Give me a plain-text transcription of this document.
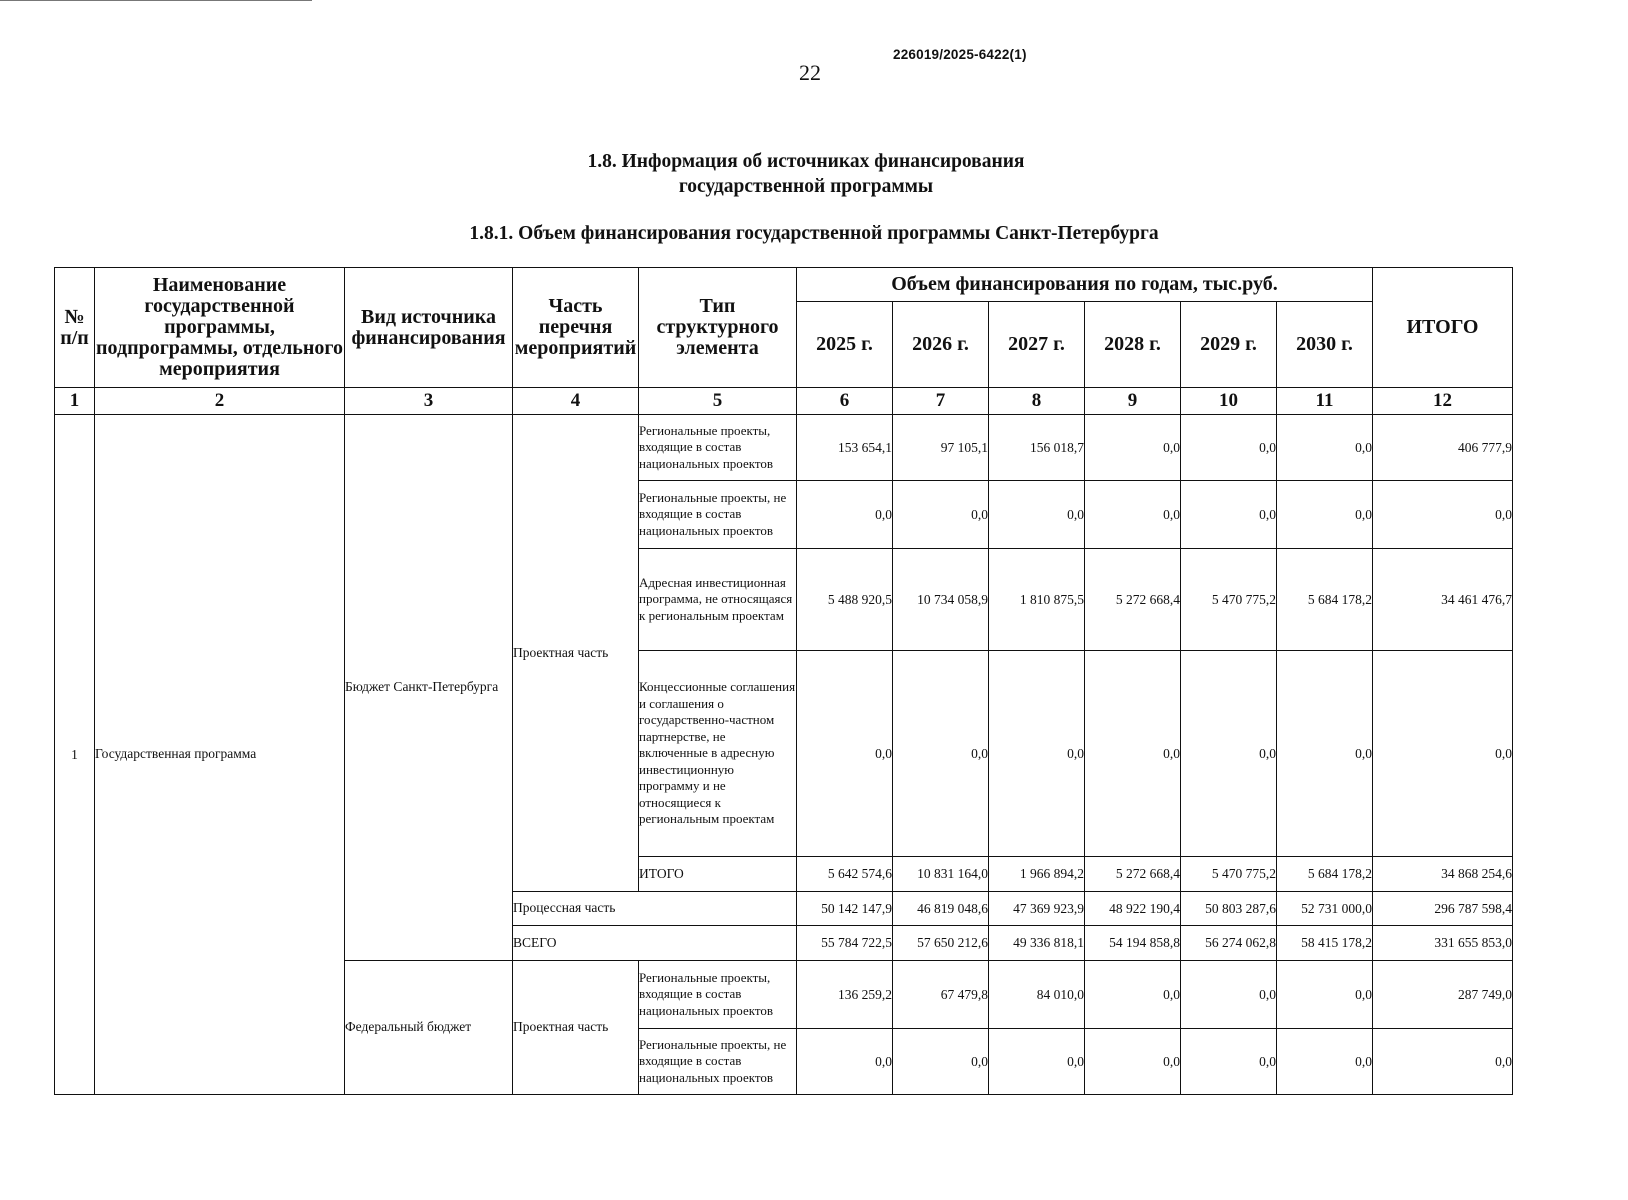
22
226019/2025-6422(1)
1.8. Информация об источниках финансирования
государственной программы
1.8.1. Объем финансирования государственной программы Санкт-Петербурга
№ п/п	Наименование государственной программы, подпрограммы, отдельного мероприятия	Вид источника финансирования	Часть перечня мероприятий	Тип структурного элемента	Объем финансирования по годам, тыс.руб.						ИТОГО
					2025 г.	2026 г.	2027 г.	2028 г.	2029 г.	2030 г.	
1	2	3	4	5	6	7	8	9	10	11	12
1	Государственная программа	Бюджет Санкт-Петербурга	Проектная часть	Региональные проекты, входящие в состав национальных проектов	153 654,1	97 105,1	156 018,7	0,0	0,0	0,0	406 777,9
				Региональные проекты, не входящие в состав национальных проектов	0,0	0,0	0,0	0,0	0,0	0,0	0,0
				Адресная инвестиционная программа, не относящаяся к региональным проектам	5 488 920,5	10 734 058,9	1 810 875,5	5 272 668,4	5 470 775,2	5 684 178,2	34 461 476,7
				Концессионные соглашения и соглашения о государственно-частном партнерстве, не включенные в адресную инвестиционную программу и не относящиеся к региональным проектам	0,0	0,0	0,0	0,0	0,0	0,0	0,0
				ИТОГО	5 642 574,6	10 831 164,0	1 966 894,2	5 272 668,4	5 470 775,2	5 684 178,2	34 868 254,6
			Процессная часть		50 142 147,9	46 819 048,6	47 369 923,9	48 922 190,4	50 803 287,6	52 731 000,0	296 787 598,4
			ВСЕГО		55 784 722,5	57 650 212,6	49 336 818,1	54 194 858,8	56 274 062,8	58 415 178,2	331 655 853,0
		Федеральный бюджет	Проектная часть	Региональные проекты, входящие в состав национальных проектов	136 259,2	67 479,8	84 010,0	0,0	0,0	0,0	287 749,0
				Региональные проекты, не входящие в состав национальных проектов	0,0	0,0	0,0	0,0	0,0	0,0	0,0
